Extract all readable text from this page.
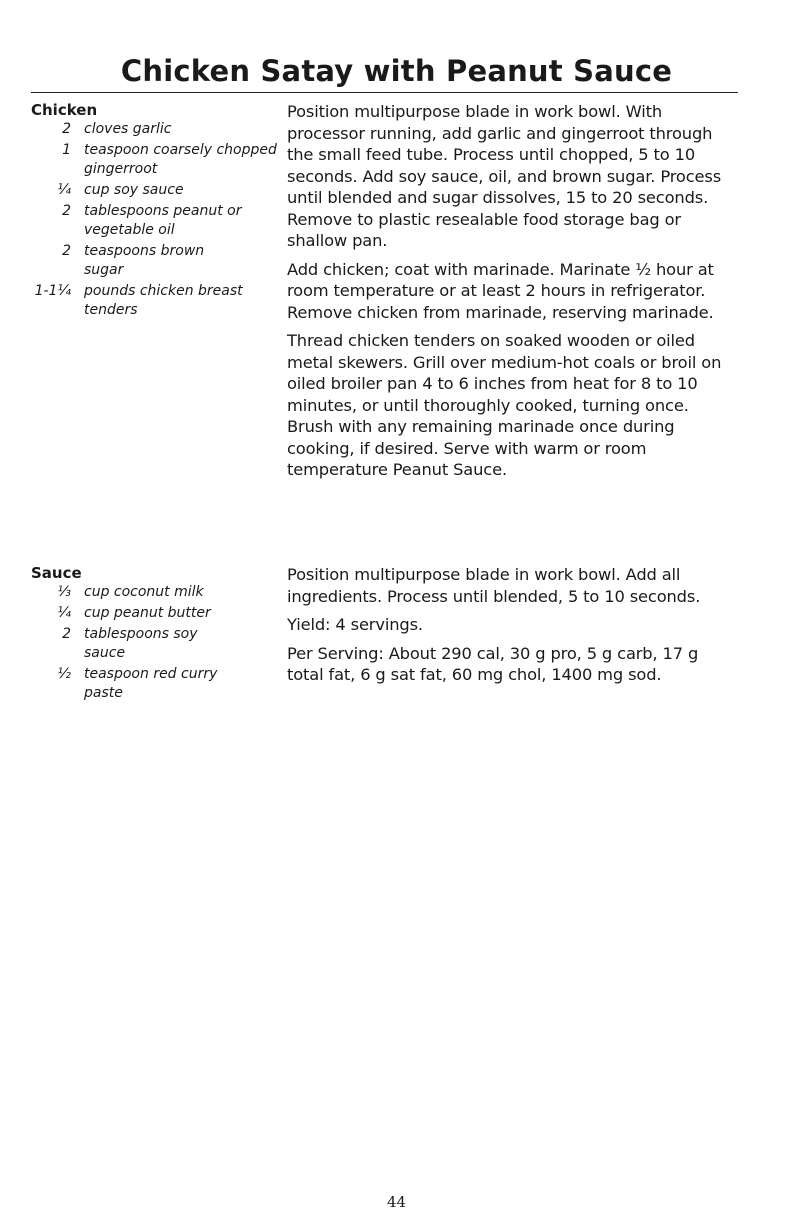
Chicken Satay with Peanut Sauce
Chicken
2 cloves garlic
1 teaspoon coarsely chopped gingerroot
¼ cup soy sauce
2 tablespoons peanut or vegetable oil
2 teaspoons brown sugar
1-1¼ pounds chicken breast tenders

Position multipurpose blade in work bowl. With processor running, add garlic and gingerroot through the small feed tube. Process until chopped, 5 to 10 seconds. Add soy sauce, oil, and brown sugar. Process until blended and sugar dissolves, 15 to 20 seconds. Remove to plastic resealable food storage bag or shallow pan.

Add chicken; coat with marinade. Marinate ½ hour at room temperature or at least 2 hours in refrigerator. Remove chicken from marinade, reserving marinade.

Thread chicken tenders on soaked wooden or oiled metal skewers. Grill over medium-hot coals or broil on oiled broiler pan 4 to 6 inches from heat for 8 to 10 minutes, or until thoroughly cooked, turning once. Brush with any remaining marinade once during cooking, if desired. Serve with warm or room temperature Peanut Sauce.

Sauce
⅓ cup coconut milk
¼ cup peanut butter
2 tablespoons soy sauce
½ teaspoon red curry paste

Position multipurpose blade in work bowl. Add all ingredients. Process until blended, 5 to 10 seconds.

Yield: 4 servings.

Per Serving: About 290 cal, 30 g pro, 5 g carb, 17 g total fat, 6 g sat fat, 60 mg chol, 1400 mg sod.

44
